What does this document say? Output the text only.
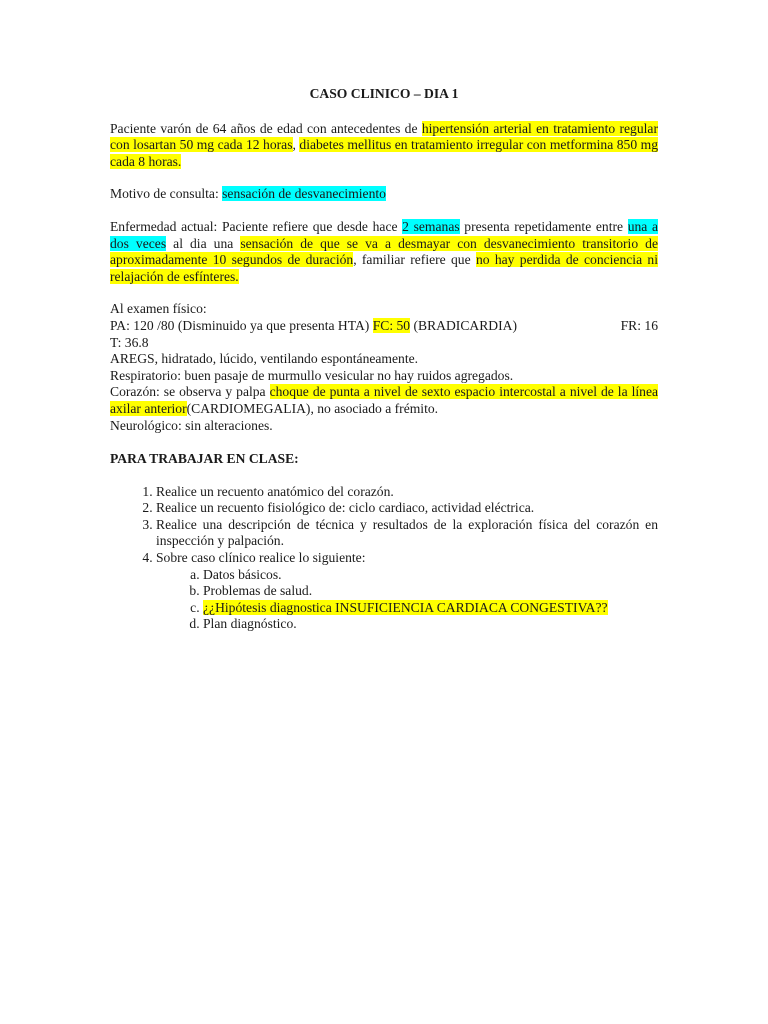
CASO CLINICO – DIA 1

Paciente varón de 64 años de edad con antecedentes de hipertensión arterial en tratamiento regular con losartan 50 mg cada 12 horas, diabetes mellitus en tratamiento irregular con metformina 850 mg cada 8 horas.

Motivo de consulta: sensación de desvanecimiento

Enfermedad actual: Paciente refiere que desde hace 2 semanas presenta repetidamente entre una a dos veces al dia una sensación de que se va a desmayar con desvanecimiento transitorio de aproximadamente 10 segundos de duración, familiar refiere que no hay perdida de conciencia ni relajación de esfínteres.

Al examen físico:

PA: 120 /80 (Disminuido ya que presenta HTA) FC: 50 (BRADICARDIA)	FR: 16

T: 36.8

AREGS, hidratado, lúcido, ventilando espontáneamente.

Respiratorio: buen pasaje de murmullo vesicular no hay ruidos agregados.

Corazón: se observa y palpa choque de punta a nivel de sexto espacio intercostal a nivel de la línea axilar anterior(CARDIOMEGALIA), no asociado a frémito.

Neurológico: sin alteraciones.

PARA TRABAJAR EN CLASE:
1. Realice un recuento anatómico del corazón.
2. Realice un recuento fisiológico de: ciclo cardiaco, actividad eléctrica.
3. Realice una descripción de técnica y resultados de la exploración física del corazón en inspección y palpación.
4. Sobre caso clínico realice lo siguiente:
a. Datos básicos.
b. Problemas de salud.
c. ¿¿Hipótesis diagnostica INSUFICIENCIA CARDIACA CONGESTIVA??
d. Plan diagnóstico.
